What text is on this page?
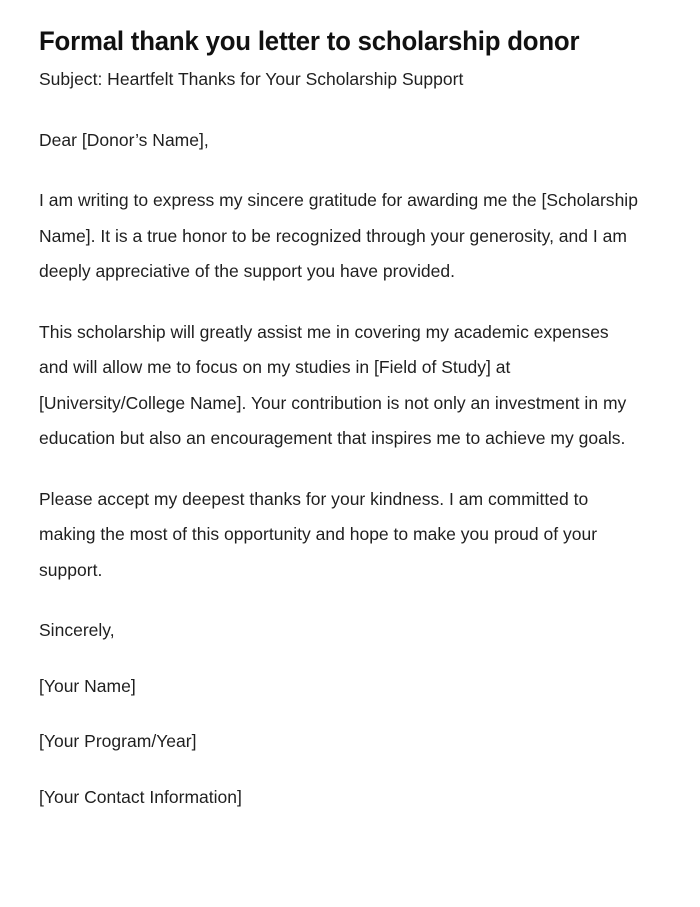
Formal thank you letter to scholarship donor

Subject: Heartfelt Thanks for Your Scholarship Support

Dear [Donor’s Name],

I am writing to express my sincere gratitude for awarding me the [Scholarship Name]. It is a true honor to be recognized through your generosity, and I am deeply appreciative of the support you have provided.

This scholarship will greatly assist me in covering my academic expenses and will allow me to focus on my studies in [Field of Study] at [University/College Name]. Your contribution is not only an investment in my education but also an encouragement that inspires me to achieve my goals.

Please accept my deepest thanks for your kindness. I am committed to making the most of this opportunity and hope to make you proud of your support.

Sincerely,

[Your Name]

[Your Program/Year]

[Your Contact Information]
